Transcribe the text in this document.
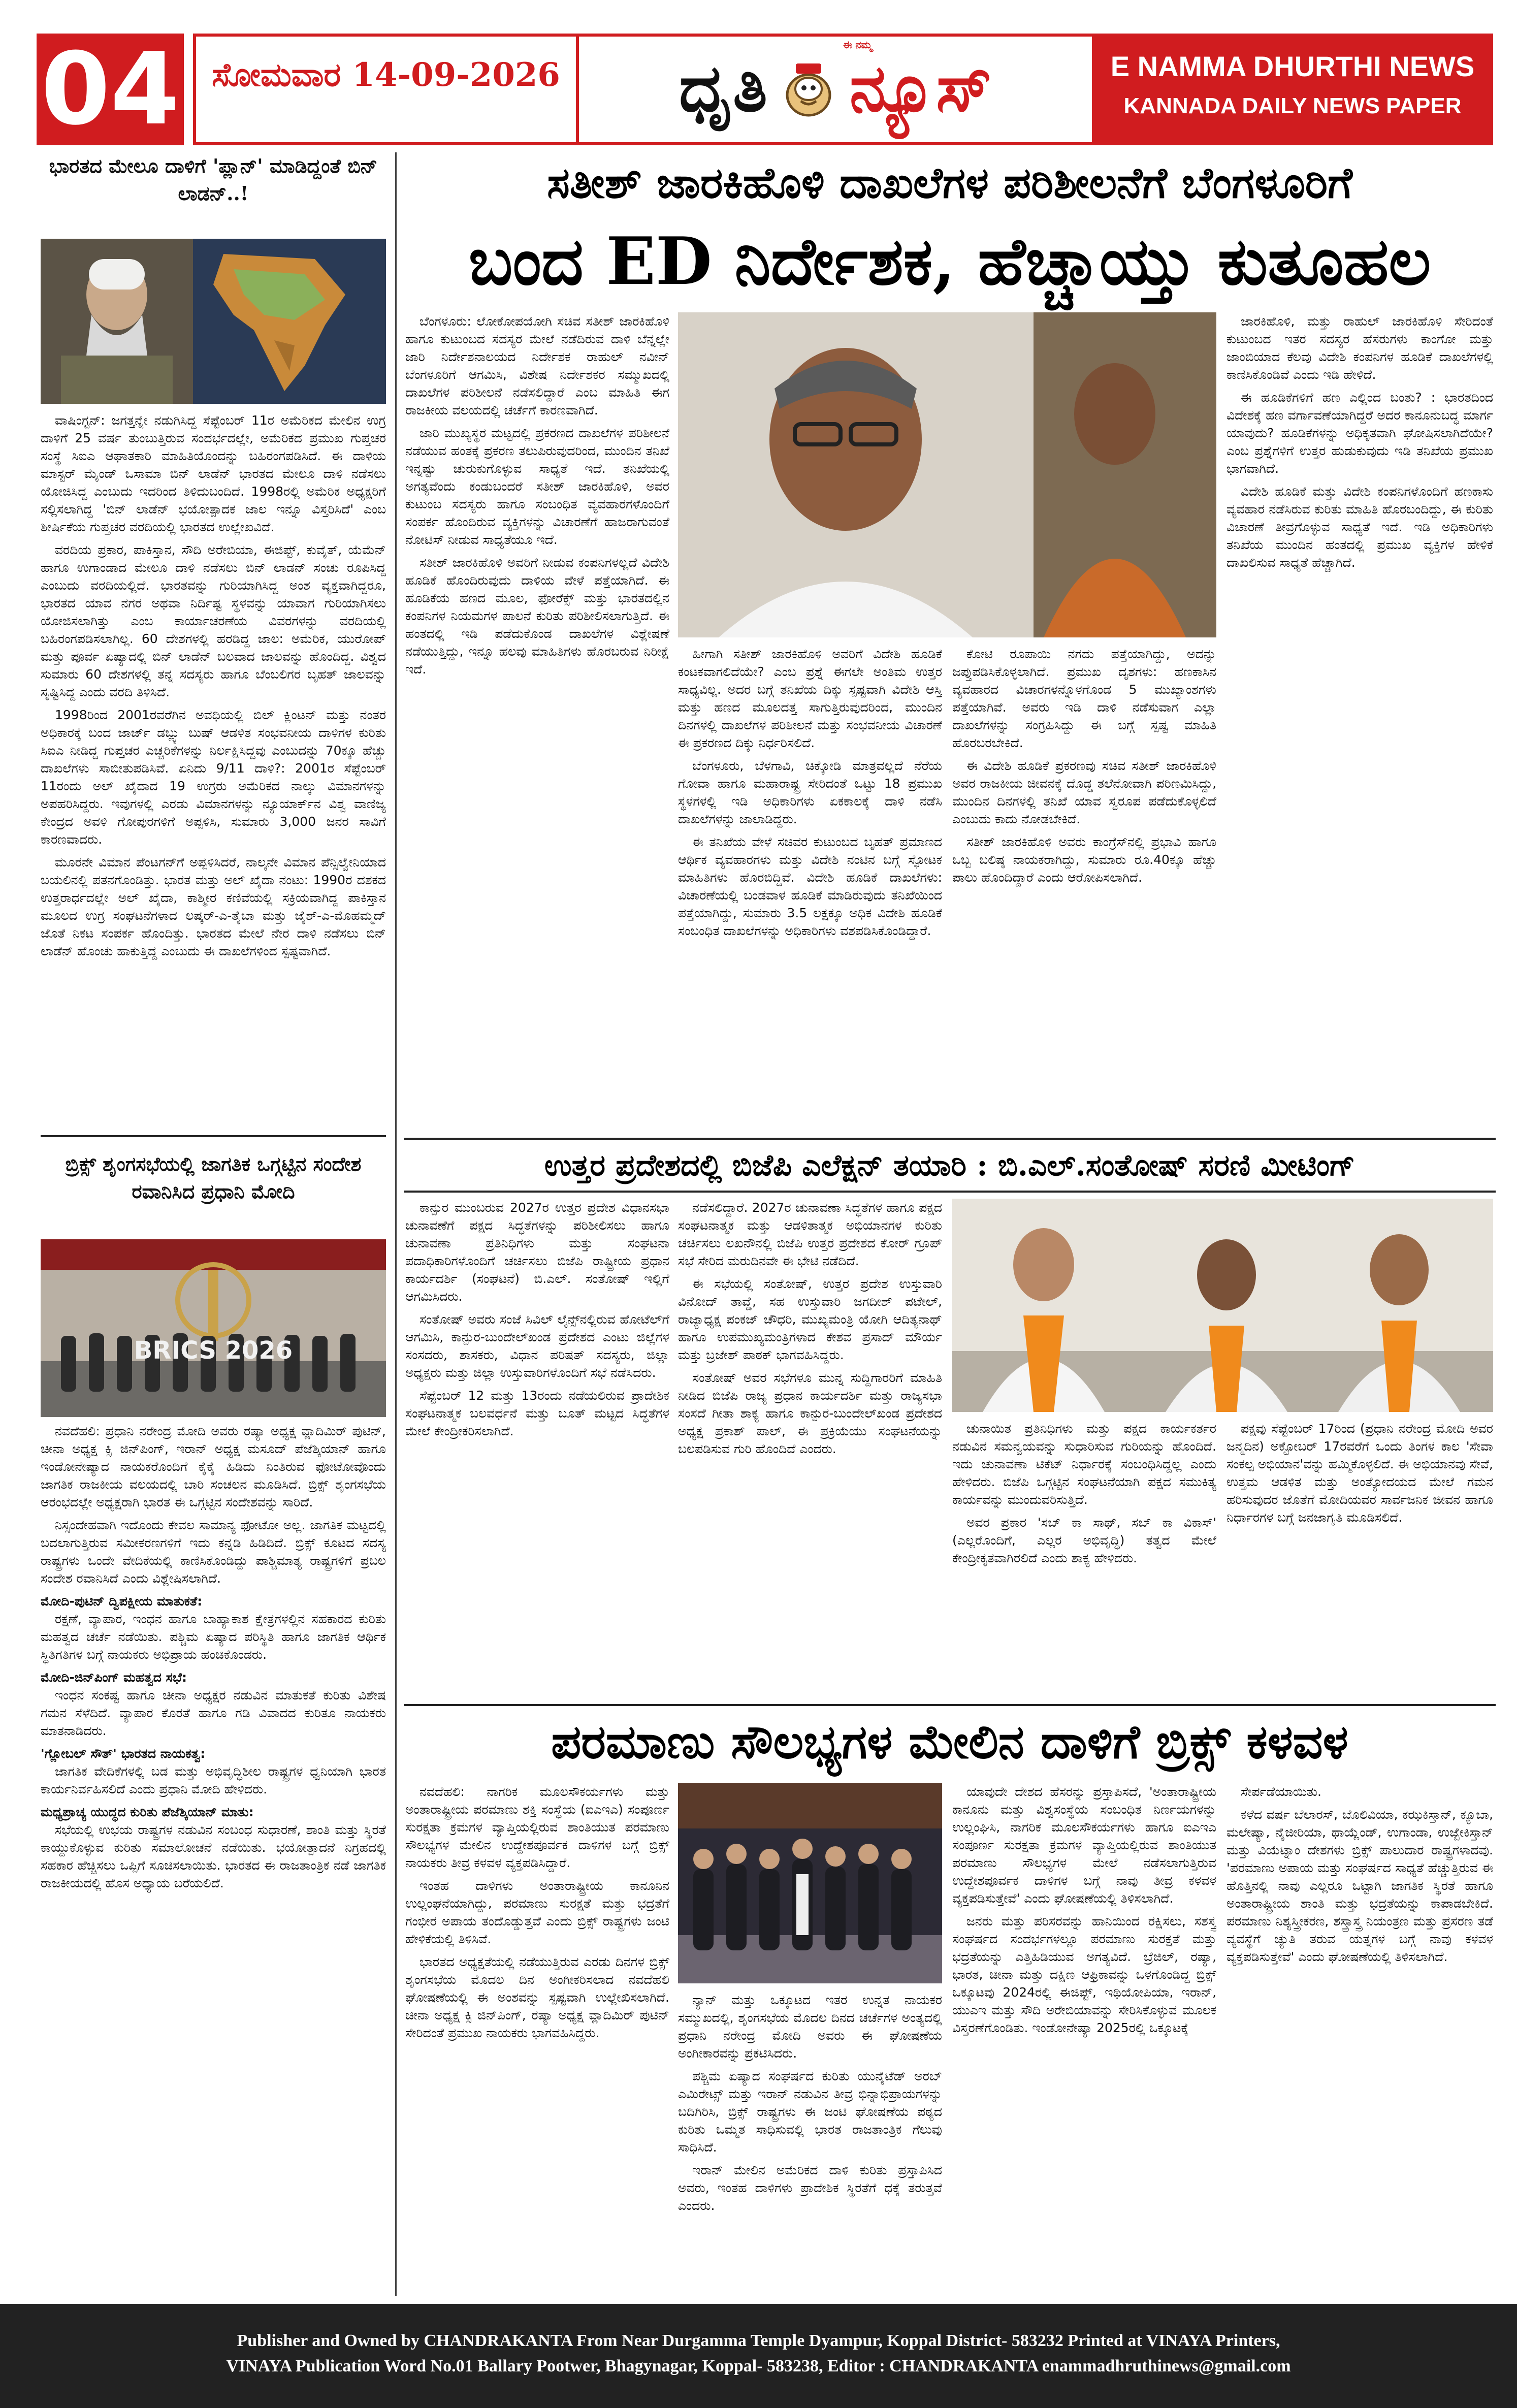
04 ಸೋಮವಾರ 14-09-2026 ಧೃತಿ ನ್ಯೂಸ್
ಈ ನಮ್ಮ
E NAMMA DHURTHI NEWS
KANNADA DAILY NEWS PAPER
ಭಾರತದ ಮೇಲೂ ದಾಳಿಗೆ 'ಪ್ಲಾನ್' ಮಾಡಿದ್ದಂತೆ ಬಿನ್ ಲಾಡನ್..!

ವಾಷಿಂಗ್ಟನ್: ಜಗತ್ತನ್ನೇ ನಡುಗಿಸಿದ್ದ ಸೆಪ್ಟೆಂಬರ್ 11ರ ಅಮೆರಿಕದ ಮೇಲಿನ ಉಗ್ರ ದಾಳಿಗೆ 25 ವರ್ಷ ತುಂಬುತ್ತಿರುವ ಸಂದರ್ಭದಲ್ಲೇ, ಅಮೆರಿಕದ ಪ್ರಮುಖ ಗುಪ್ತಚರ ಸಂಸ್ಥೆ ಸಿಐಎ ಆಘಾತಕಾರಿ ಮಾಹಿತಿಯೊಂದನ್ನು ಬಹಿರಂಗಪಡಿಸಿದೆ. ಈ ದಾಳಿಯ ಮಾಸ್ಟರ್ ಮೈಂಡ್ ಒಸಾಮಾ ಬಿನ್ ಲಾಡೆನ್ ಭಾರತದ ಮೇಲೂ ದಾಳಿ ನಡೆಸಲು ಯೋಜಿಸಿದ್ದ ಎಂಬುದು ಇದರಿಂದ ತಿಳಿದುಬಂದಿದೆ. 1998ರಲ್ಲಿ ಅಮೆರಿಕ ಅಧ್ಯಕ್ಷರಿಗೆ ಸಲ್ಲಿಸಲಾಗಿದ್ದ 'ಬಿನ್ ಲಾಡೆನ್ ಭಯೋತ್ಪಾದಕ ಜಾಲ ಇನ್ನೂ ವಿಸ್ತರಿಸಿದೆ' ಎಂಬ ಶೀರ್ಷಿಕೆಯ ಗುಪ್ತಚರ ವರದಿಯಲ್ಲಿ ಭಾರತದ ಉಲ್ಲೇಖವಿದೆ.

ವರದಿಯ ಪ್ರಕಾರ, ಪಾಕಿಸ್ತಾನ, ಸೌದಿ ಅರೇಬಿಯಾ, ಈಜಿಪ್ಟ್, ಕುವೈತ್, ಯೆಮೆನ್ ಹಾಗೂ ಉಗಾಂಡಾದ ಮೇಲೂ ದಾಳಿ ನಡೆಸಲು ಬಿನ್ ಲಾಡನ್ ಸಂಚು ರೂಪಿಸಿದ್ದ ಎಂಬುದು ವರದಿಯಲ್ಲಿದೆ. ಭಾರತವನ್ನು ಗುರಿಯಾಗಿಸಿದ್ದ ಅಂಶ ವ್ಯಕ್ತವಾಗಿದ್ದರೂ, ಭಾರತದ ಯಾವ ನಗರ ಅಥವಾ ನಿರ್ದಿಷ್ಟ ಸ್ಥಳವನ್ನು ಯಾವಾಗ ಗುರಿಯಾಗಿಸಲು ಯೋಜಿಸಲಾಗಿತ್ತು ಎಂಬ ಕಾರ್ಯಾಚರಣೆಯ ವಿವರಗಳನ್ನು ವರದಿಯಲ್ಲಿ ಬಹಿರಂಗಪಡಿಸಲಾಗಿಲ್ಲ. 60 ದೇಶಗಳಲ್ಲಿ ಹರಡಿದ್ದ ಜಾಲ: ಅಮೆರಿಕ, ಯುರೋಪ್ ಮತ್ತು ಪೂರ್ವ ಏಷ್ಯಾದಲ್ಲಿ ಬಿನ್ ಲಾಡೆನ್ ಬಲವಾದ ಜಾಲವನ್ನು ಹೊಂದಿದ್ದ. ವಿಶ್ವದ ಸುಮಾರು 60 ದೇಶಗಳಲ್ಲಿ ತನ್ನ ಸದಸ್ಯರು ಹಾಗೂ ಬೆಂಬಲಿಗರ ಬೃಹತ್ ಜಾಲವನ್ನು ಸೃಷ್ಟಿಸಿದ್ದ ಎಂದು ವರದಿ ತಿಳಿಸಿದೆ.

1998ರಿಂದ 2001ರವರೆಗಿನ ಅವಧಿಯಲ್ಲಿ ಬಿಲ್ ಕ್ಲಿಂಟನ್ ಮತ್ತು ನಂತರ ಅಧಿಕಾರಕ್ಕೆ ಬಂದ ಜಾರ್ಜ್ ಡಬ್ಲ್ಯು ಬುಷ್ ಆಡಳಿತ ಸಂಭವನೀಯ ದಾಳಿಗಳ ಕುರಿತು ಸಿಐಎ ನೀಡಿದ್ದ ಗುಪ್ತಚರ ಎಚ್ಚರಿಕೆಗಳನ್ನು ನಿರ್ಲಕ್ಷಿಸಿದ್ದವು ಎಂಬುದನ್ನು 70ಕ್ಕೂ ಹೆಚ್ಚು ದಾಖಲೆಗಳು ಸಾಬೀತುಪಡಿಸಿವೆ. ಏನಿದು 9/11 ದಾಳಿ?: 2001ರ ಸೆಪ್ಟೆಂಬರ್ 11ರಂದು ಅಲ್ ಖೈದಾದ 19 ಉಗ್ರರು ಅಮೆರಿಕದ ನಾಲ್ಕು ವಿಮಾನಗಳನ್ನು ಅಪಹರಿಸಿದ್ದರು. ಇವುಗಳಲ್ಲಿ ಎರಡು ವಿಮಾನಗಳನ್ನು ನ್ಯೂಯಾರ್ಕ್‌ನ ವಿಶ್ವ ವಾಣಿಜ್ಯ ಕೇಂದ್ರದ ಅವಳಿ ಗೋಪುರಗಳಿಗೆ ಅಪ್ಪಳಿಸಿ, ಸುಮಾರು 3,000 ಜನರ ಸಾವಿಗೆ ಕಾರಣವಾದರು.

ಮೂರನೇ ವಿಮಾನ ಪೆಂಟಗನ್‌ಗೆ ಅಪ್ಪಳಿಸಿದರೆ, ನಾಲ್ಕನೇ ವಿಮಾನ ಪೆನ್ಸಿಲ್ವೇನಿಯಾದ ಬಯಲಿನಲ್ಲಿ ಪತನಗೊಂಡಿತ್ತು. ಭಾರತ ಮತ್ತು ಅಲ್ ಖೈದಾ ನಂಟು: 1990ರ ದಶಕದ ಉತ್ತರಾರ್ಧದಲ್ಲೇ ಅಲ್ ಖೈದಾ, ಕಾಶ್ಮೀರ ಕಣಿವೆಯಲ್ಲಿ ಸಕ್ರಿಯವಾಗಿದ್ದ ಪಾಕಿಸ್ತಾನ ಮೂಲದ ಉಗ್ರ ಸಂಘಟನೆಗಳಾದ ಲಷ್ಕರ್-ಎ-ತೈಬಾ ಮತ್ತು ಜೈಶ್-ಎ-ಮೊಹಮ್ಮದ್ ಜೊತೆ ನಿಕಟ ಸಂಪರ್ಕ ಹೊಂದಿತ್ತು. ಭಾರತದ ಮೇಲೆ ನೇರ ದಾಳಿ ನಡೆಸಲು ಬಿನ್ ಲಾಡೆನ್ ಹೊಂಚು ಹಾಕುತ್ತಿದ್ದ ಎಂಬುದು ಈ ದಾಖಲೆಗಳಿಂದ ಸ್ಪಷ್ಟವಾಗಿದೆ.

ಬ್ರಿಕ್ಸ್ ಶೃಂಗಸಭೆಯಲ್ಲಿ ಜಾಗತಿಕ ಒಗ್ಗಟ್ಟಿನ ಸಂದೇಶ ರವಾನಿಸಿದ ಪ್ರಧಾನಿ ಮೋದಿ
BRICS 2026

ನವದೆಹಲಿ: ಪ್ರಧಾನಿ ನರೇಂದ್ರ ಮೋದಿ ಅವರು ರಷ್ಯಾ ಅಧ್ಯಕ್ಷ ವ್ಲಾದಿಮಿರ್ ಪುಟಿನ್, ಚೀನಾ ಅಧ್ಯಕ್ಷ ಕ್ಸಿ ಜಿನ್‌ಪಿಂಗ್, ಇರಾನ್ ಅಧ್ಯಕ್ಷ ಮಸೂದ್ ಪೆಜೆಶ್ಕಿಯಾನ್ ಹಾಗೂ ಇಂಡೋನೇಷ್ಯಾದ ನಾಯಕರೊಂದಿಗೆ ಕೈಕೈ ಹಿಡಿದು ನಿಂತಿರುವ ಫೋಟೋವೊಂದು ಜಾಗತಿಕ ರಾಜಕೀಯ ವಲಯದಲ್ಲಿ ಬಾರಿ ಸಂಚಲನ ಮೂಡಿಸಿದೆ. ಬ್ರಿಕ್ಸ್ ಶೃಂಗಸಭೆಯ ಆರಂಭದಲ್ಲೇ ಅಧ್ಯಕ್ಷರಾಗಿ ಭಾರತ ಈ ಒಗ್ಗಟ್ಟಿನ ಸಂದೇಶವನ್ನು ಸಾರಿದೆ.

ನಿಸ್ಸಂದೇಹವಾಗಿ ಇದೊಂದು ಕೇವಲ ಸಾಮಾನ್ಯ ಫೋಟೋ ಅಲ್ಲ. ಜಾಗತಿಕ ಮಟ್ಟದಲ್ಲಿ ಬದಲಾಗುತ್ತಿರುವ ಸಮೀಕರಣಗಳಿಗೆ ಇದು ಕನ್ನಡಿ ಹಿಡಿದಿದೆ. ಬ್ರಿಕ್ಸ್ ಕೂಟದ ಸದಸ್ಯ ರಾಷ್ಟ್ರಗಳು ಒಂದೇ ವೇದಿಕೆಯಲ್ಲಿ ಕಾಣಿಸಿಕೊಂಡಿದ್ದು ಪಾಶ್ಚಿಮಾತ್ಯ ರಾಷ್ಟ್ರಗಳಿಗೆ ಪ್ರಬಲ ಸಂದೇಶ ರವಾನಿಸಿದೆ ಎಂದು ವಿಶ್ಲೇಷಿಸಲಾಗಿದೆ.

ಮೋದಿ-ಪುಟಿನ್ ದ್ವಿಪಕ್ಷೀಯ ಮಾತುಕತೆ:

ರಕ್ಷಣೆ, ವ್ಯಾಪಾರ, ಇಂಧನ ಹಾಗೂ ಬಾಹ್ಯಾಕಾಶ ಕ್ಷೇತ್ರಗಳಲ್ಲಿನ ಸಹಕಾರದ ಕುರಿತು ಮಹತ್ವದ ಚರ್ಚೆ ನಡೆಯಿತು. ಪಶ್ಚಿಮ ಏಷ್ಯಾದ ಪರಿಸ್ಥಿತಿ ಹಾಗೂ ಜಾಗತಿಕ ಆರ್ಥಿಕ ಸ್ಥಿತಿಗತಿಗಳ ಬಗ್ಗೆ ನಾಯಕರು ಅಭಿಪ್ರಾಯ ಹಂಚಿಕೊಂಡರು.

ಮೋದಿ-ಜಿನ್‌ಪಿಂಗ್ ಮಹತ್ವದ ಸಭೆ:

ಇಂಧನ ಸಂಕಷ್ಟ ಹಾಗೂ ಚೀನಾ ಅಧ್ಯಕ್ಷರ ನಡುವಿನ ಮಾತುಕತೆ ಕುರಿತು ವಿಶೇಷ ಗಮನ ಸೆಳೆದಿದೆ. ವ್ಯಾಪಾರ ಕೊರತೆ ಹಾಗೂ ಗಡಿ ವಿವಾದದ ಕುರಿತೂ ನಾಯಕರು ಮಾತನಾಡಿದರು.

'ಗ್ಲೋಬಲ್ ಸೌತ್' ಭಾರತದ ನಾಯಕತ್ವ:

ಜಾಗತಿಕ ವೇದಿಕೆಗಳಲ್ಲಿ ಬಡ ಮತ್ತು ಅಭಿವೃದ್ಧಿಶೀಲ ರಾಷ್ಟ್ರಗಳ ಧ್ವನಿಯಾಗಿ ಭಾರತ ಕಾರ್ಯನಿರ್ವಹಿಸಲಿದೆ ಎಂದು ಪ್ರಧಾನಿ ಮೋದಿ ಹೇಳಿದರು.

ಮಧ್ಯಪ್ರಾಚ್ಯ ಯುದ್ಧದ ಕುರಿತು ಪೆಜೆಶ್ಕಿಯಾನ್ ಮಾತು:

ಸಭೆಯಲ್ಲಿ ಉಭಯ ರಾಷ್ಟ್ರಗಳ ನಡುವಿನ ಸಂಬಂಧ ಸುಧಾರಣೆ, ಶಾಂತಿ ಮತ್ತು ಸ್ಥಿರತೆ ಕಾಯ್ದುಕೊಳ್ಳುವ ಕುರಿತು ಸಮಾಲೋಚನೆ ನಡೆಯಿತು. ಭಯೋತ್ಪಾದನೆ ನಿಗ್ರಹದಲ್ಲಿ ಸಹಕಾರ ಹೆಚ್ಚಿಸಲು ಒಪ್ಪಿಗೆ ಸೂಚಿಸಲಾಯಿತು. ಭಾರತದ ಈ ರಾಜತಾಂತ್ರಿಕ ನಡೆ ಜಾಗತಿಕ ರಾಜಕೀಯದಲ್ಲಿ ಹೊಸ ಅಧ್ಯಾಯ ಬರೆಯಲಿದೆ.

ಸತೀಶ್ ಜಾರಕಿಹೊಳಿ ದಾಖಲೆಗಳ ಪರಿಶೀಲನೆಗೆ ಬೆಂಗಳೂರಿಗೆ
ಬಂದ ED ನಿರ್ದೇಶಕ, ಹೆಚ್ಚಾಯ್ತು ಕುತೂಹಲ

ಬೆಂಗಳೂರು: ಲೋಕೋಪಯೋಗಿ ಸಚಿವ ಸತೀಶ್ ಜಾರಕಿಹೊಳಿ ಹಾಗೂ ಕುಟುಂಬದ ಸದಸ್ಯರ ಮೇಲೆ ನಡೆದಿರುವ ದಾಳಿ ಬೆನ್ನಲ್ಲೇ ಜಾರಿ ನಿರ್ದೇಶನಾಲಯದ ನಿರ್ದೇಶಕ ರಾಹುಲ್ ನವೀನ್ ಬೆಂಗಳೂರಿಗೆ ಆಗಮಿಸಿ, ವಿಶೇಷ ನಿರ್ದೇಶಕರ ಸಮ್ಮುಖದಲ್ಲಿ ದಾಖಲೆಗಳ ಪರಿಶೀಲನೆ ನಡೆಸಲಿದ್ದಾರೆ ಎಂಬ ಮಾಹಿತಿ ಈಗ ರಾಜಕೀಯ ವಲಯದಲ್ಲಿ ಚರ್ಚೆಗೆ ಕಾರಣವಾಗಿದೆ.

ಜಾರಿ ಮುಖ್ಯಸ್ಥರ ಮಟ್ಟದಲ್ಲಿ ಪ್ರಕರಣದ ದಾಖಲೆಗಳ ಪರಿಶೀಲನೆ ನಡೆಯುವ ಹಂತಕ್ಕೆ ಪ್ರಕರಣ ತಲುಪಿರುವುದರಿಂದ, ಮುಂದಿನ ತನಿಖೆ ಇನ್ನಷ್ಟು ಚುರುಕುಗೊಳ್ಳುವ ಸಾಧ್ಯತೆ ಇದೆ. ತನಿಖೆಯಲ್ಲಿ ಅಗತ್ಯವೆಂದು ಕಂಡುಬಂದರೆ ಸತೀಶ್ ಜಾರಕಿಹೊಳಿ, ಅವರ ಕುಟುಂಬ ಸದಸ್ಯರು ಹಾಗೂ ಸಂಬಂಧಿತ ವ್ಯವಹಾರಗಳೊಂದಿಗೆ ಸಂಪರ್ಕ ಹೊಂದಿರುವ ವ್ಯಕ್ತಿಗಳನ್ನು ವಿಚಾರಣೆಗೆ ಹಾಜರಾಗುವಂತೆ ನೋಟಿಸ್ ನೀಡುವ ಸಾಧ್ಯತೆಯೂ ಇದೆ.

ಸತೀಶ್ ಜಾರಕಿಹೊಳಿ ಅವರಿಗೆ ನೀಡುವ ಕಂಪನಿಗಳಲ್ಲದೆ ವಿದೇಶಿ ಹೂಡಿಕೆ ಹೊಂದಿರುವುದು ದಾಳಿಯ ವೇಳೆ ಪತ್ತೆಯಾಗಿದೆ. ಈ ಹೂಡಿಕೆಯ ಹಣದ ಮೂಲ, ಫೋರೆಕ್ಸ್ ಮತ್ತು ಭಾರತದಲ್ಲಿನ ಕಂಪನಿಗಳ ನಿಯಮಗಳ ಪಾಲನೆ ಕುರಿತು ಪರಿಶೀಲಿಸಲಾಗುತ್ತಿದೆ. ಈ ಹಂತದಲ್ಲಿ ಇಡಿ ಪಡೆದುಕೊಂಡ ದಾಖಲೆಗಳ ವಿಶ್ಲೇಷಣೆ ನಡೆಯುತ್ತಿದ್ದು, ಇನ್ನೂ ಹಲವು ಮಾಹಿತಿಗಳು ಹೊರಬರುವ ನಿರೀಕ್ಷೆ ಇದೆ.

ಹೀಗಾಗಿ ಸತೀಶ್ ಜಾರಕಿಹೊಳಿ ಅವರಿಗೆ ವಿದೇಶಿ ಹೂಡಿಕೆ ಕಂಟಕವಾಗಲಿದೆಯೇ? ಎಂಬ ಪ್ರಶ್ನೆ ಈಗಲೇ ಅಂತಿಮ ಉತ್ತರ ಸಾಧ್ಯವಿಲ್ಲ. ಅದರ ಬಗ್ಗೆ ತನಿಖೆಯ ದಿಕ್ಕು ಸ್ಪಷ್ಟವಾಗಿ ವಿದೇಶಿ ಆಸ್ತಿ ಮತ್ತು ಹಣದ ಮೂಲದತ್ತ ಸಾಗುತ್ತಿರುವುದರಿಂದ, ಮುಂದಿನ ದಿನಗಳಲ್ಲಿ ದಾಖಲೆಗಳ ಪರಿಶೀಲನೆ ಮತ್ತು ಸಂಭವನೀಯ ವಿಚಾರಣೆ ಈ ಪ್ರಕರಣದ ದಿಕ್ಕು ನಿರ್ಧರಿಸಲಿದೆ.

ಬೆಂಗಳೂರು, ಬೆಳಗಾವಿ, ಚಿಕ್ಕೋಡಿ ಮಾತ್ರವಲ್ಲದೆ ನೆರೆಯ ಗೋವಾ ಹಾಗೂ ಮಹಾರಾಷ್ಟ್ರ ಸೇರಿದಂತೆ ಒಟ್ಟು 18 ಪ್ರಮುಖ ಸ್ಥಳಗಳಲ್ಲಿ ಇಡಿ ಅಧಿಕಾರಿಗಳು ಏಕಕಾಲಕ್ಕೆ ದಾಳಿ ನಡೆಸಿ ದಾಖಲೆಗಳನ್ನು ಜಾಲಾಡಿದ್ದರು.

ಈ ತನಿಖೆಯ ವೇಳೆ ಸಚಿವರ ಕುಟುಂಬದ ಬೃಹತ್ ಪ್ರಮಾಣದ ಆರ್ಥಿಕ ವ್ಯವಹಾರಗಳು ಮತ್ತು ವಿದೇಶಿ ನಂಟಿನ ಬಗ್ಗೆ ಸ್ಫೋಟಕ ಮಾಹಿತಿಗಳು ಹೊರಬಿದ್ದಿವೆ. ವಿದೇಶಿ ಹೂಡಿಕೆ ದಾಖಲೆಗಳು: ವಿಚಾರಣೆಯಲ್ಲಿ ಬಂಡವಾಳ ಹೂಡಿಕೆ ಮಾಡಿರುವುದು ತನಿಖೆಯಿಂದ ಪತ್ತೆಯಾಗಿದ್ದು, ಸುಮಾರು 3.5 ಲಕ್ಷಕ್ಕೂ ಅಧಿಕ ವಿದೇಶಿ ಹೂಡಿಕೆ ಸಂಬಂಧಿತ ದಾಖಲೆಗಳನ್ನು ಅಧಿಕಾರಿಗಳು ವಶಪಡಿಸಿಕೊಂಡಿದ್ದಾರೆ.

ಕೋಟಿ ರೂಪಾಯಿ ನಗದು ಪತ್ತೆಯಾಗಿದ್ದು, ಅದನ್ನು ಜಪ್ತುಪಡಿಸಿಕೊಳ್ಳಲಾಗಿದೆ. ಪ್ರಮುಖ ದೃಶಗಳು: ಹಣಕಾಸಿನ ವ್ಯವಹಾರದ ವಿಚಾರಗಳನ್ನೊಳಗೊಂಡ 5 ಮುಖ್ಯಾಂಶಗಳು ಪತ್ತೆಯಾಗಿವೆ. ಅವರು ಇಡಿ ದಾಳಿ ನಡೆಸುವಾಗ ಎಲ್ಲಾ ದಾಖಲೆಗಳನ್ನು ಸಂಗ್ರಹಿಸಿದ್ದು ಈ ಬಗ್ಗೆ ಸ್ಪಷ್ಟ ಮಾಹಿತಿ ಹೊರಬರಬೇಕಿದೆ.

ಈ ವಿದೇಶಿ ಹೂಡಿಕೆ ಪ್ರಕರಣವು ಸಚಿವ ಸತೀಶ್ ಜಾರಕಿಹೊಳಿ ಅವರ ರಾಜಕೀಯ ಜೀವನಕ್ಕೆ ದೊಡ್ಡ ತಲೆನೋವಾಗಿ ಪರಿಣಮಿಸಿದ್ದು, ಮುಂದಿನ ದಿನಗಳಲ್ಲಿ ತನಿಖೆ ಯಾವ ಸ್ವರೂಪ ಪಡೆದುಕೊಳ್ಳಲಿದೆ ಎಂಬುದು ಕಾದು ನೋಡಬೇಕಿದೆ.

ಸತೀಶ್ ಜಾರಕಿಹೊಳಿ ಅವರು ಕಾಂಗ್ರೆಸ್‌ನಲ್ಲಿ ಪ್ರಭಾವಿ ಹಾಗೂ ಒಬ್ಬ ಬಲಿಷ್ಠ ನಾಯಕರಾಗಿದ್ದು, ಸುಮಾರು ರೂ.40ಕ್ಕೂ ಹೆಚ್ಚು ಪಾಲು ಹೊಂದಿದ್ದಾರೆ ಎಂದು ಆರೋಪಿಸಲಾಗಿದೆ.

ಜಾರಕಿಹೊಳಿ, ಮತ್ತು ರಾಹುಲ್ ಜಾರಕಿಹೊಳಿ ಸೇರಿದಂತೆ ಕುಟುಂಬದ ಇತರ ಸದಸ್ಯರ ಹೆಸರುಗಳು ಕಾಂಗೋ ಮತ್ತು ಜಾಂಬಿಯಾದ ಕೆಲವು ವಿದೇಶಿ ಕಂಪನಿಗಳ ಹೂಡಿಕೆ ದಾಖಲೆಗಳಲ್ಲಿ ಕಾಣಿಸಿಕೊಂಡಿವೆ ಎಂದು ಇಡಿ ಹೇಳಿದೆ.

ಈ ಹೂಡಿಕೆಗಳಿಗೆ ಹಣ ಎಲ್ಲಿಂದ ಬಂತು? : ಭಾರತದಿಂದ ವಿದೇಶಕ್ಕೆ ಹಣ ವರ್ಗಾವಣೆಯಾಗಿದ್ದರೆ ಅದರ ಕಾನೂನುಬದ್ಧ ಮಾರ್ಗ ಯಾವುದು? ಹೂಡಿಕೆಗಳನ್ನು ಅಧಿಕೃತವಾಗಿ ಘೋಷಿಸಲಾಗಿದೆಯೇ? ಎಂಬ ಪ್ರಶ್ನೆಗಳಿಗೆ ಉತ್ತರ ಹುಡುಕುವುದು ಇಡಿ ತನಿಖೆಯ ಪ್ರಮುಖ ಭಾಗವಾಗಿದೆ.

ವಿದೇಶಿ ಹೂಡಿಕೆ ಮತ್ತು ವಿದೇಶಿ ಕಂಪನಿಗಳೊಂದಿಗೆ ಹಣಕಾಸು ವ್ಯವಹಾರ ನಡೆಸಿರುವ ಕುರಿತು ಮಾಹಿತಿ ಹೊರಬಂದಿದ್ದು, ಈ ಕುರಿತು ವಿಚಾರಣೆ ತೀವ್ರಗೊಳ್ಳುವ ಸಾಧ್ಯತೆ ಇದೆ. ಇಡಿ ಅಧಿಕಾರಿಗಳು ತನಿಖೆಯ ಮುಂದಿನ ಹಂತದಲ್ಲಿ ಪ್ರಮುಖ ವ್ಯಕ್ತಿಗಳ ಹೇಳಿಕೆ ದಾಖಲಿಸುವ ಸಾಧ್ಯತೆ ಹೆಚ್ಚಾಗಿದೆ.

ಉತ್ತರ ಪ್ರದೇಶದಲ್ಲಿ ಬಿಜೆಪಿ ಎಲೆಕ್ಷನ್ ತಯಾರಿ : ಬಿ.ಎಲ್.ಸಂತೋಷ್ ಸರಣಿ ಮೀಟಿಂಗ್

ಕಾನ್ಪುರ ಮುಂಬರುವ 2027ರ ಉತ್ತರ ಪ್ರದೇಶ ವಿಧಾನಸಭಾ ಚುನಾವಣೆಗೆ ಪಕ್ಷದ ಸಿದ್ಧತೆಗಳನ್ನು ಪರಿಶೀಲಿಸಲು ಹಾಗೂ ಚುನಾವಣಾ ಪ್ರತಿನಿಧಿಗಳು ಮತ್ತು ಸಂಘಟನಾ ಪದಾಧಿಕಾರಿಗಳೊಂದಿಗೆ ಚರ್ಚಿಸಲು ಬಿಜೆಪಿ ರಾಷ್ಟ್ರೀಯ ಪ್ರಧಾನ ಕಾರ್ಯದರ್ಶಿ (ಸಂಘಟನೆ) ಬಿ.ಎಲ್. ಸಂತೋಷ್ ಇಲ್ಲಿಗೆ ಆಗಮಿಸಿದರು.

ಸಂತೋಷ್ ಅವರು ಸಂಜೆ ಸಿವಿಲ್ ಲೈನ್ಸ್‌ನಲ್ಲಿರುವ ಹೋಟೆಲ್‌ಗೆ ಆಗಮಿಸಿ, ಕಾನ್ಪುರ-ಬುಂದೇಲ್‌ಖಂಡ ಪ್ರದೇಶದ ಎಂಟು ಜಿಲ್ಲೆಗಳ ಸಂಸದರು, ಶಾಸಕರು, ವಿಧಾನ ಪರಿಷತ್ ಸದಸ್ಯರು, ಜಿಲ್ಲಾ ಅಧ್ಯಕ್ಷರು ಮತ್ತು ಜಿಲ್ಲಾ ಉಸ್ತುವಾರಿಗಳೊಂದಿಗೆ ಸಭೆ ನಡೆಸಿದರು.

ಸೆಪ್ಟೆಂಬರ್ 12 ಮತ್ತು 13ರಂದು ನಡೆಯಲಿರುವ ಪ್ರಾದೇಶಿಕ ಸಂಘಟನಾತ್ಮಕ ಬಲವರ್ಧನೆ ಮತ್ತು ಬೂತ್ ಮಟ್ಟದ ಸಿದ್ಧತೆಗಳ ಮೇಲೆ ಕೇಂದ್ರೀಕರಿಸಲಾಗಿದೆ.

ನಡೆಸಲಿದ್ದಾರೆ. 2027ರ ಚುನಾವಣಾ ಸಿದ್ಧತೆಗಳ ಹಾಗೂ ಪಕ್ಷದ ಸಂಘಟನಾತ್ಮಕ ಮತ್ತು ಆಡಳಿತಾತ್ಮಕ ಅಭಿಯಾನಗಳ ಕುರಿತು ಚರ್ಚಿಸಲು ಲಖನೌನಲ್ಲಿ ಬಿಜೆಪಿ ಉತ್ತರ ಪ್ರದೇಶದ ಕೋರ್ ಗ್ರೂಪ್ ಸಭೆ ಸೇರಿದ ಮರುದಿನವೇ ಈ ಭೇಟಿ ನಡೆದಿದೆ.

ಈ ಸಭೆಯಲ್ಲಿ ಸಂತೋಷ್, ಉತ್ತರ ಪ್ರದೇಶ ಉಸ್ತುವಾರಿ ವಿನೋದ್ ತಾವ್ಡೆ, ಸಹ ಉಸ್ತುವಾರಿ ಜಗದೀಶ್ ಪಟೇಲ್, ರಾಜ್ಯಾಧ್ಯಕ್ಷ ಪಂಕಜ್ ಚೌಧರಿ, ಮುಖ್ಯಮಂತ್ರಿ ಯೋಗಿ ಆದಿತ್ಯನಾಥ್ ಹಾಗೂ ಉಪಮುಖ್ಯಮಂತ್ರಿಗಳಾದ ಕೇಶವ ಪ್ರಸಾದ್ ಮೌರ್ಯ ಮತ್ತು ಬ್ರಜೇಶ್ ಪಾಠಕ್ ಭಾಗವಹಿಸಿದ್ದರು.

ಸಂತೋಷ್ ಅವರ ಸಭೆಗಳೂ ಮುನ್ನ ಸುದ್ದಿಗಾರರಿಗೆ ಮಾಹಿತಿ ನೀಡಿದ ಬಿಜೆಪಿ ರಾಜ್ಯ ಪ್ರಧಾನ ಕಾರ್ಯದರ್ಶಿ ಮತ್ತು ರಾಜ್ಯಸಭಾ ಸಂಸದೆ ಗೀತಾ ಶಾಕ್ಯ ಹಾಗೂ ಕಾನ್ಪುರ-ಬುಂದೇಲ್‌ಖಂಡ ಪ್ರದೇಶದ ಅಧ್ಯಕ್ಷ ಪ್ರಕಾಶ್ ಪಾಲ್, ಈ ಪ್ರಕ್ರಿಯೆಯು ಸಂಘಟನೆಯನ್ನು ಬಲಪಡಿಸುವ ಗುರಿ ಹೊಂದಿದೆ ಎಂದರು.

ಚುನಾಯಿತ ಪ್ರತಿನಿಧಿಗಳು ಮತ್ತು ಪಕ್ಷದ ಕಾರ್ಯಕರ್ತರ ನಡುವಿನ ಸಮನ್ವಯವನ್ನು ಸುಧಾರಿಸುವ ಗುರಿಯನ್ನು ಹೊಂದಿದೆ. ಇದು ಚುನಾವಣಾ ಟಿಕೆಟ್ ನಿರ್ಧಾರಕ್ಕೆ ಸಂಬಂಧಿಸಿದ್ದಲ್ಲ ಎಂದು ಹೇಳಿದರು. ಬಿಜೆಪಿ ಒಗ್ಗಟ್ಟಿನ ಸಂಘಟನೆಯಾಗಿ ಪಕ್ಷದ ಸಮುಕಿತ್ಯ ಕಾರ್ಯವನ್ನು ಮುಂದುವರಿಸುತ್ತಿದೆ.

ಅವರ ಪ್ರಕಾರ 'ಸಬ್ ಕಾ ಸಾಥ್, ಸಬ್ ಕಾ ವಿಕಾಸ್' (ಎಲ್ಲರೊಂದಿಗೆ, ಎಲ್ಲರ ಅಭಿವೃದ್ಧಿ) ತತ್ವದ ಮೇಲೆ ಕೇಂದ್ರೀಕೃತವಾಗಿರಲಿದೆ ಎಂದು ಶಾಕ್ಯ ಹೇಳಿದರು.

ಪಕ್ಷವು ಸೆಪ್ಟೆಂಬರ್ 17ರಿಂದ (ಪ್ರಧಾನಿ ನರೇಂದ್ರ ಮೋದಿ ಅವರ ಜನ್ಮದಿನ) ಅಕ್ಟೋಬರ್ 17ರವರೆಗೆ ಒಂದು ತಿಂಗಳ ಕಾಲ 'ಸೇವಾ ಸಂಕಲ್ಪ ಅಭಿಯಾನ'ವನ್ನು ಹಮ್ಮಿಕೊಳ್ಳಲಿದೆ. ಈ ಅಭಿಯಾನವು ಸೇವೆ, ಉತ್ತಮ ಆಡಳಿತ ಮತ್ತು ಅಂತ್ಯೋದಯದ ಮೇಲೆ ಗಮನ ಹರಿಸುವುದರ ಜೊತೆಗೆ ಮೋದಿಯವರ ಸಾರ್ವಜನಿಕ ಜೀವನ ಹಾಗೂ ನಿರ್ಧಾರಗಳ ಬಗ್ಗೆ ಜನಜಾಗೃತಿ ಮೂಡಿಸಲಿದೆ.

ಪರಮಾಣು ಸೌಲಭ್ಯಗಳ ಮೇಲಿನ ದಾಳಿಗೆ ಬ್ರಿಕ್ಸ್ ಕಳವಳ

ನವದೆಹಲಿ: ನಾಗರಿಕ ಮೂಲಸೌಕರ್ಯಗಳು ಮತ್ತು ಅಂತಾರಾಷ್ಟ್ರೀಯ ಪರಮಾಣು ಶಕ್ತಿ ಸಂಸ್ಥೆಯ (ಐಎಇಎ) ಸಂಪೂರ್ಣ ಸುರಕ್ಷತಾ ಕ್ರಮಗಳ ವ್ಯಾಪ್ತಿಯಲ್ಲಿರುವ ಶಾಂತಿಯುತ ಪರಮಾಣು ಸೌಲಭ್ಯಗಳ ಮೇಲಿನ ಉದ್ದೇಶಪೂರ್ವಕ ದಾಳಿಗಳ ಬಗ್ಗೆ ಬ್ರಿಕ್ಸ್ ನಾಯಕರು ತೀವ್ರ ಕಳವಳ ವ್ಯಕ್ತಪಡಿಸಿದ್ದಾರೆ.

ಇಂತಹ ದಾಳಿಗಳು ಅಂತಾರಾಷ್ಟ್ರೀಯ ಕಾನೂನಿನ ಉಲ್ಲಂಘನೆಯಾಗಿದ್ದು, ಪರಮಾಣು ಸುರಕ್ಷತೆ ಮತ್ತು ಭದ್ರತೆಗೆ ಗಂಭೀರ ಅಪಾಯ ತಂದೊಡ್ಡುತ್ತವೆ ಎಂದು ಬ್ರಿಕ್ಸ್ ರಾಷ್ಟ್ರಗಳು ಜಂಟಿ ಹೇಳಿಕೆಯಲ್ಲಿ ತಿಳಿಸಿವೆ.

ಭಾರತದ ಅಧ್ಯಕ್ಷತೆಯಲ್ಲಿ ನಡೆಯುತ್ತಿರುವ ಎರಡು ದಿನಗಳ ಬ್ರಿಕ್ಸ್ ಶೃಂಗಸಭೆಯ ಮೊದಲ ದಿನ ಅಂಗೀಕರಿಸಲಾದ ನವದೆಹಲಿ ಘೋಷಣೆಯಲ್ಲಿ ಈ ಅಂಶವನ್ನು ಸ್ಪಷ್ಟವಾಗಿ ಉಲ್ಲೇಖಿಸಲಾಗಿದೆ. ಚೀನಾ ಅಧ್ಯಕ್ಷ ಕ್ಸಿ ಜಿನ್‌ಪಿಂಗ್, ರಷ್ಯಾ ಅಧ್ಯಕ್ಷ ವ್ಲಾದಿಮಿರ್ ಪುಟಿನ್ ಸೇರಿದಂತೆ ಪ್ರಮುಖ ನಾಯಕರು ಭಾಗವಹಿಸಿದ್ದರು.

ನ್ಯಾನ್ ಮತ್ತು ಒಕ್ಕೂಟದ ಇತರ ಉನ್ನತ ನಾಯಕರ ಸಮ್ಮುಖದಲ್ಲಿ, ಶೃಂಗಸಭೆಯ ಮೊದಲ ದಿನದ ಚರ್ಚೆಗಳ ಅಂತ್ಯದಲ್ಲಿ ಪ್ರಧಾನಿ ನರೇಂದ್ರ ಮೋದಿ ಅವರು ಈ ಘೋಷಣೆಯ ಅಂಗೀಕಾರವನ್ನು ಪ್ರಕಟಿಸಿದರು.

ಪಶ್ಚಿಮ ಏಷ್ಯಾದ ಸಂಘರ್ಷದ ಕುರಿತು ಯುನೈಟೆಡ್ ಅರಬ್ ಎಮಿರೇಟ್ಸ್ ಮತ್ತು ಇರಾನ್ ನಡುವಿನ ತೀವ್ರ ಭಿನ್ನಾಭಿಪ್ರಾಯಗಳನ್ನು ಬದಿಗಿರಿಸಿ, ಬ್ರಿಕ್ಸ್ ರಾಷ್ಟ್ರಗಳು ಈ ಜಂಟಿ ಘೋಷಣೆಯ ಪಠ್ಯದ ಕುರಿತು ಒಮ್ಮತ ಸಾಧಿಸುವಲ್ಲಿ ಭಾರತ ರಾಜತಾಂತ್ರಿಕ ಗೆಲುವು ಸಾಧಿಸಿದೆ.

ಇರಾನ್ ಮೇಲಿನ ಅಮೆರಿಕದ ದಾಳಿ ಕುರಿತು ಪ್ರಸ್ತಾಪಿಸಿದ ಅವರು, ಇಂತಹ ದಾಳಿಗಳು ಪ್ರಾದೇಶಿಕ ಸ್ಥಿರತೆಗೆ ಧಕ್ಕೆ ತರುತ್ತವೆ ಎಂದರು.

ಯಾವುದೇ ದೇಶದ ಹೆಸರನ್ನು ಪ್ರಸ್ತಾಪಿಸದೆ, 'ಅಂತಾರಾಷ್ಟ್ರೀಯ ಕಾನೂನು ಮತ್ತು ವಿಶ್ವಸಂಸ್ಥೆಯ ಸಂಬಂಧಿತ ನಿರ್ಣಯಗಳನ್ನು ಉಲ್ಲಂಘಿಸಿ, ನಾಗರಿಕ ಮೂಲಸೌಕರ್ಯಗಳು ಹಾಗೂ ಐಎಇಎ ಸಂಪೂರ್ಣ ಸುರಕ್ಷತಾ ಕ್ರಮಗಳ ವ್ಯಾಪ್ತಿಯಲ್ಲಿರುವ ಶಾಂತಿಯುತ ಪರಮಾಣು ಸೌಲಭ್ಯಗಳ ಮೇಲೆ ನಡೆಸಲಾಗುತ್ತಿರುವ ಉದ್ದೇಶಪೂರ್ವಕ ದಾಳಿಗಳ ಬಗ್ಗೆ ನಾವು ತೀವ್ರ ಕಳವಳ ವ್ಯಕ್ತಪಡಿಸುತ್ತೇವೆ' ಎಂದು ಘೋಷಣೆಯಲ್ಲಿ ತಿಳಿಸಲಾಗಿದೆ.

ಜನರು ಮತ್ತು ಪರಿಸರವನ್ನು ಹಾನಿಯಿಂದ ರಕ್ಷಿಸಲು, ಸಶಸ್ತ್ರ ಸಂಘರ್ಷದ ಸಂದರ್ಭಗಳಲ್ಲೂ ಪರಮಾಣು ಸುರಕ್ಷತೆ ಮತ್ತು ಭದ್ರತೆಯನ್ನು ಎತ್ತಿಹಿಡಿಯುವ ಅಗತ್ಯವಿದೆ. ಬ್ರೆಜಿಲ್, ರಷ್ಯಾ, ಭಾರತ, ಚೀನಾ ಮತ್ತು ದಕ್ಷಿಣ ಆಫ್ರಿಕಾವನ್ನು ಒಳಗೊಂಡಿದ್ದ ಬ್ರಿಕ್ಸ್ ಒಕ್ಕೂಟವು 2024ರಲ್ಲಿ ಈಜಿಪ್ಟ್, ಇಥಿಯೋಪಿಯಾ, ಇರಾನ್, ಯುಎಇ ಮತ್ತು ಸೌದಿ ಅರೇಬಿಯಾವನ್ನು ಸೇರಿಸಿಕೊಳ್ಳುವ ಮೂಲಕ ವಿಸ್ತರಣೆಗೊಂಡಿತು. ಇಂಡೋನೇಷ್ಯಾ 2025ರಲ್ಲಿ ಒಕ್ಕೂಟಕ್ಕೆ

ಸೇರ್ಪಡೆಯಾಯಿತು.

ಕಳೆದ ವರ್ಷ ಬೆಲಾರಸ್, ಬೊಲಿವಿಯಾ, ಕಝಕಿಸ್ತಾನ್, ಕ್ಯೂಬಾ, ಮಲೇಷ್ಯಾ, ನೈಜೀರಿಯಾ, ಥಾಯ್ಲೆಂಡ್, ಉಗಾಂಡಾ, ಉಜ್ಬೇಕಿಸ್ತಾನ್ ಮತ್ತು ವಿಯೆಟ್ನಾಂ ದೇಶಗಳು ಬ್ರಿಕ್ಸ್ ಪಾಲುದಾರ ರಾಷ್ಟ್ರಗಳಾದವು. 'ಪರಮಾಣು ಅಪಾಯ ಮತ್ತು ಸಂಘರ್ಷದ ಸಾಧ್ಯತೆ ಹೆಚ್ಚುತ್ತಿರುವ ಈ ಹೊತ್ತಿನಲ್ಲಿ ನಾವು ಎಲ್ಲರೂ ಒಟ್ಟಾಗಿ ಜಾಗತಿಕ ಸ್ಥಿರತೆ ಹಾಗೂ ಅಂತಾರಾಷ್ಟ್ರೀಯ ಶಾಂತಿ ಮತ್ತು ಭದ್ರತೆಯನ್ನು ಕಾಪಾಡಬೇಕಿದೆ. ಪರಮಾಣು ನಿಶ್ಯಸ್ತ್ರೀಕರಣ, ಶಸ್ತ್ರಾಸ್ತ್ರ ನಿಯಂತ್ರಣ ಮತ್ತು ಪ್ರಸರಣ ತಡೆ ವ್ಯವಸ್ಥೆಗೆ ಚ್ಯುತಿ ತರುವ ಯತ್ನಗಳ ಬಗ್ಗೆ ನಾವು ಕಳವಳ ವ್ಯಕ್ತಪಡಿಸುತ್ತೇವೆ' ಎಂದು ಘೋಷಣೆಯಲ್ಲಿ ತಿಳಿಸಲಾಗಿದೆ.

Publisher and Owned by CHANDRAKANTA From Near Durgamma Temple Dyampur, Koppal District- 583232 Printed at VINAYA Printers,
VINAYA Publication Word No.01 Ballary Pootwer, Bhagynagar, Koppal- 583238, Editor : CHANDRAKANTA enammadhruthinews@gmail.com
